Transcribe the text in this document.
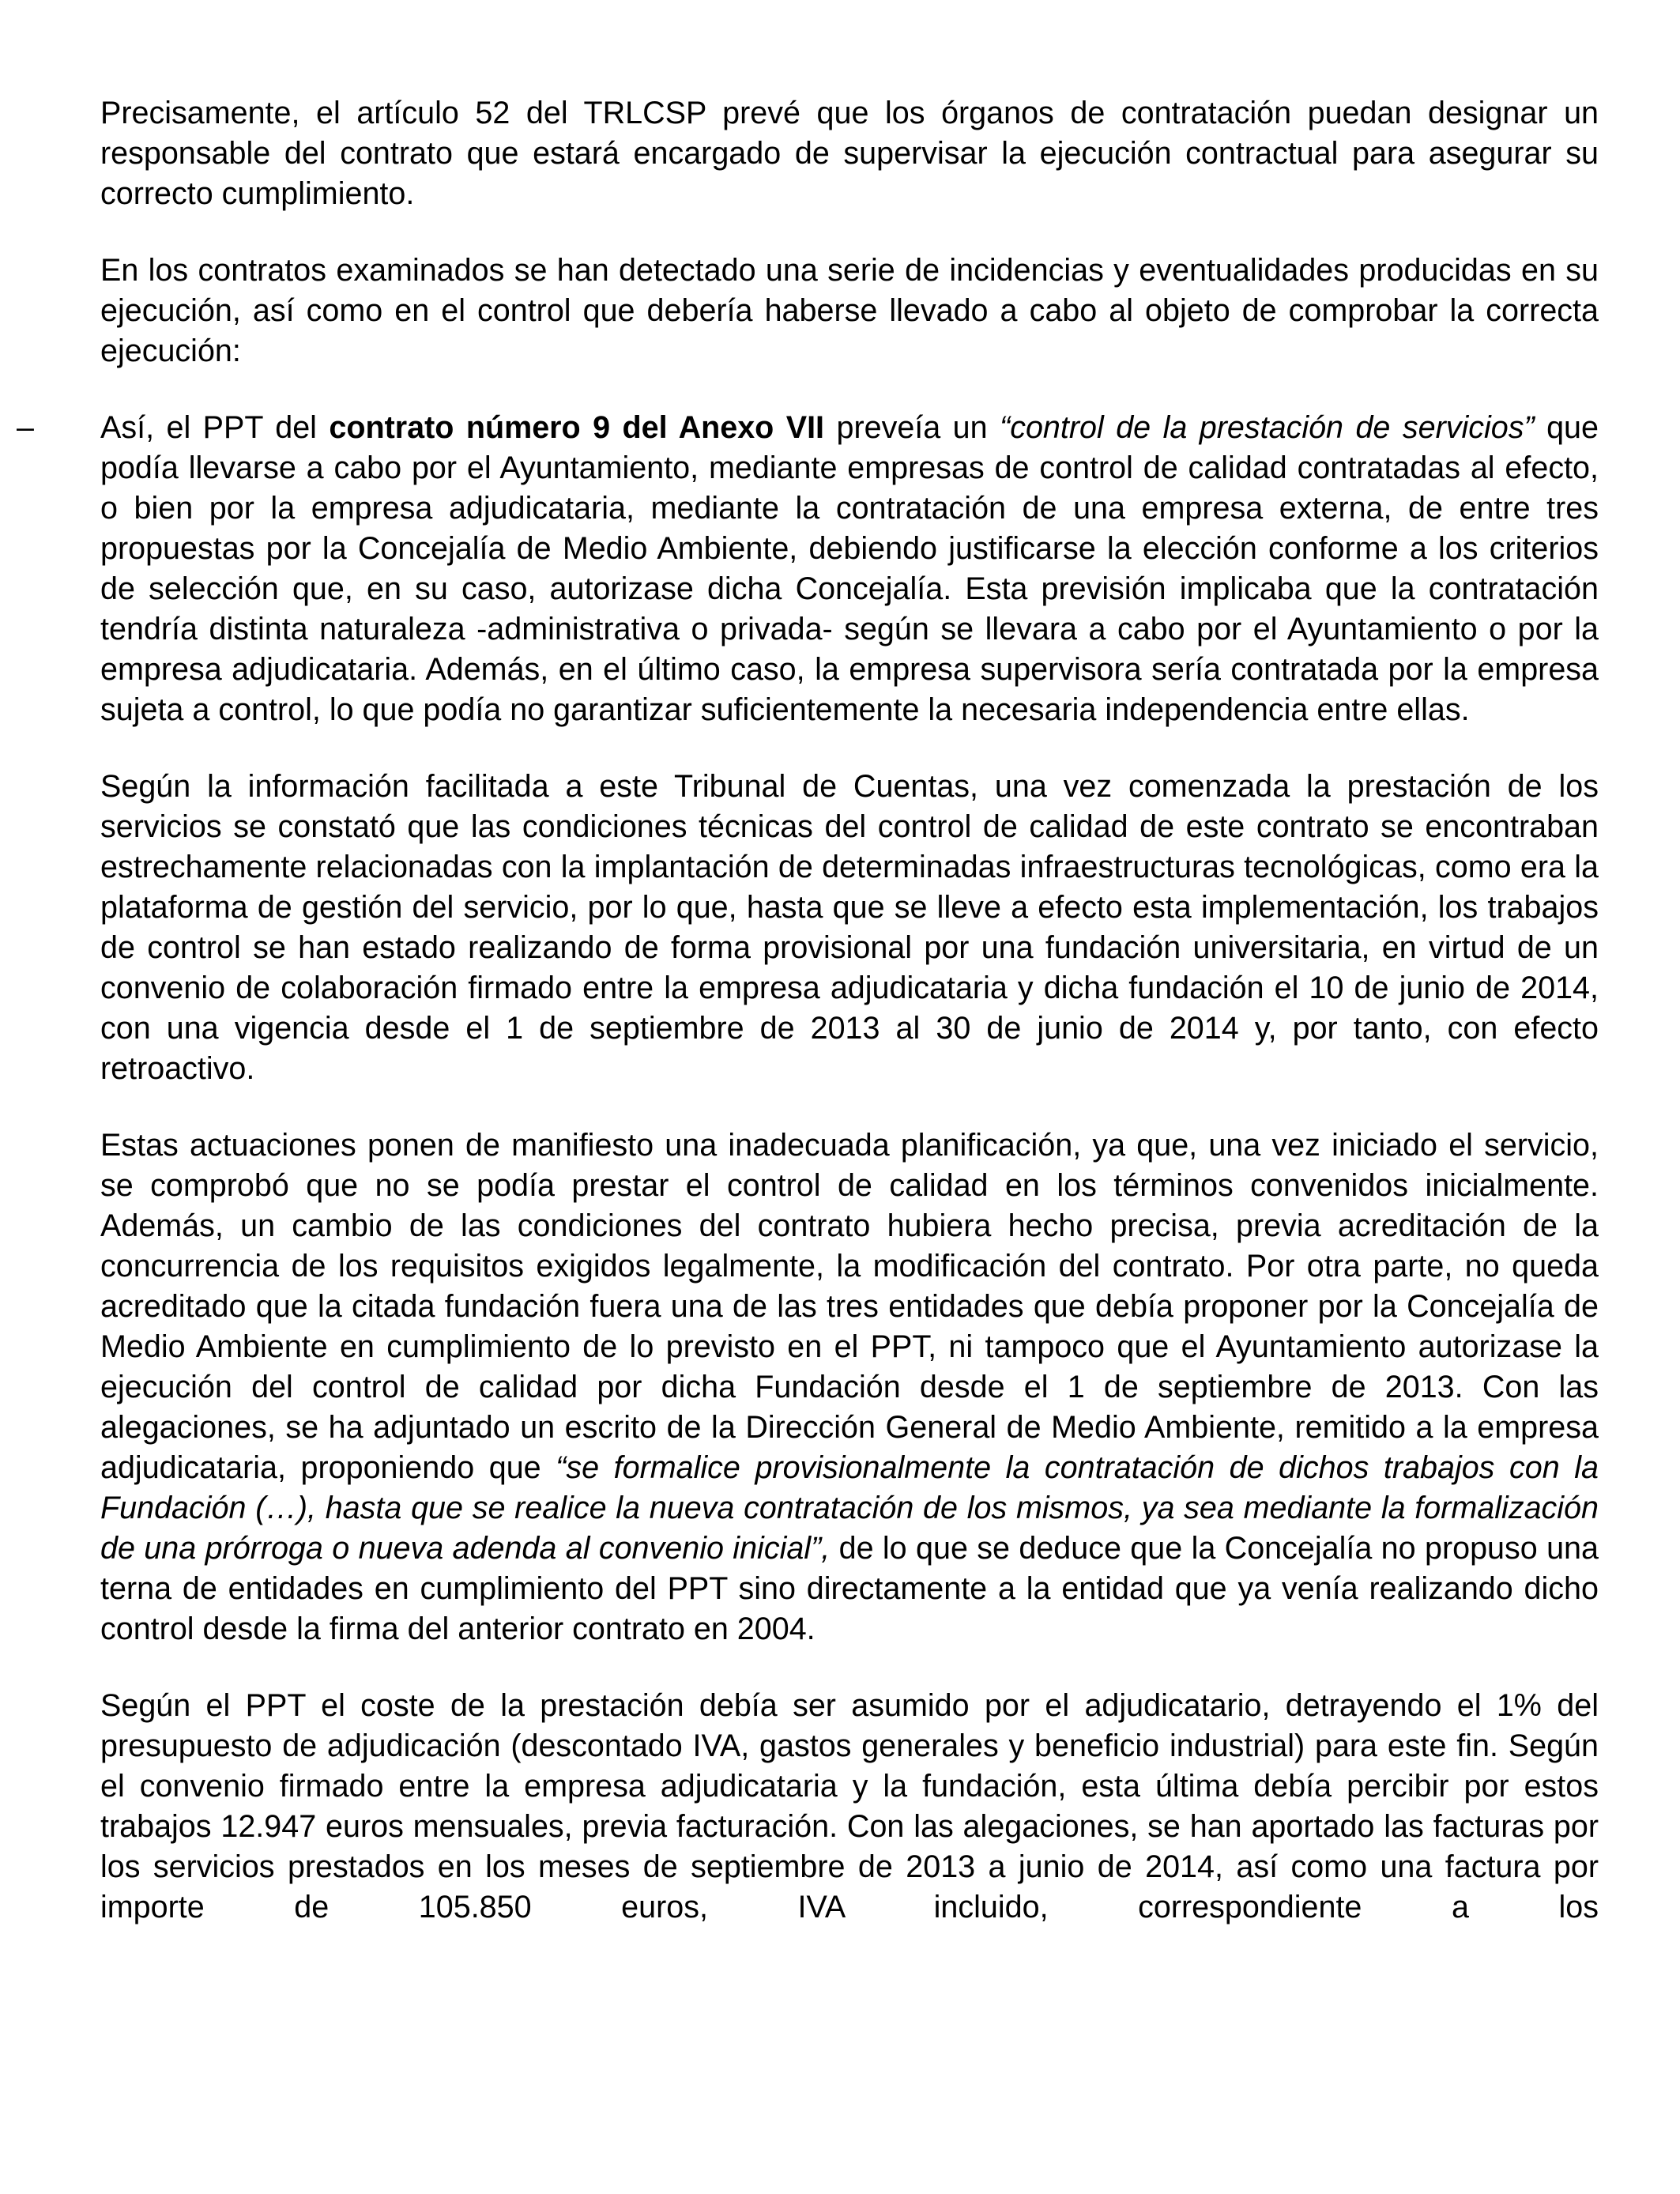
Precisamente, el artículo 52 del TRLCSP prevé que los órganos de contratación puedan designar un responsable del contrato que estará encargado de supervisar la ejecución contractual para asegurar su correcto cumplimiento.

En los contratos examinados se han detectado una serie de incidencias y eventualidades producidas en su ejecución, así como en el control que debería haberse llevado a cabo al objeto de comprobar la correcta ejecución:

–	Así, el PPT del contrato número 9 del Anexo VII preveía un “control de la prestación de servicios” que podía llevarse a cabo por el Ayuntamiento, mediante empresas de control de calidad contratadas al efecto, o bien por la empresa adjudicataria, mediante la contratación de una empresa externa, de entre tres propuestas por la Concejalía de Medio Ambiente, debiendo justificarse la elección conforme a los criterios de selección que, en su caso, autorizase dicha Concejalía. Esta previsión implicaba que la contratación tendría distinta naturaleza -administrativa o privada- según se llevara a cabo por el Ayuntamiento o por la empresa adjudicataria. Además, en el último caso, la empresa supervisora sería contratada por la empresa sujeta a control, lo que podía no garantizar suficientemente la necesaria independencia entre ellas.

Según la información facilitada a este Tribunal de Cuentas, una vez comenzada la prestación de los servicios se constató que las condiciones técnicas del control de calidad de este contrato se encontraban estrechamente relacionadas con la implantación de determinadas infraestructuras tecnológicas, como era la plataforma de gestión del servicio, por lo que, hasta que se lleve a efecto esta implementación, los trabajos de control se han estado realizando de forma provisional por una fundación universitaria, en virtud de un convenio de colaboración firmado entre la empresa adjudicataria y dicha fundación el 10 de junio de 2014, con una vigencia desde el 1 de septiembre de 2013 al 30 de junio de 2014 y, por tanto, con efecto retroactivo.

Estas actuaciones ponen de manifiesto una inadecuada planificación, ya que, una vez iniciado el servicio, se comprobó que no se podía prestar el control de calidad en los términos convenidos inicialmente. Además, un cambio de las condiciones del contrato hubiera hecho precisa, previa acreditación de la concurrencia de los requisitos exigidos legalmente, la modificación del contrato. Por otra parte, no queda acreditado que la citada fundación fuera una de las tres entidades que debía proponer por la Concejalía de Medio Ambiente en cumplimiento de lo previsto en el PPT, ni tampoco que el Ayuntamiento autorizase la ejecución del control de calidad por dicha Fundación desde el 1 de septiembre de 2013. Con las alegaciones, se ha adjuntado un escrito de la Dirección General de Medio Ambiente, remitido a la empresa adjudicataria, proponiendo que “se formalice provisionalmente la contratación de dichos trabajos con la Fundación (…), hasta que se realice la nueva contratación de los mismos, ya sea mediante la formalización de una prórroga o nueva adenda al convenio inicial”, de lo que se deduce que la Concejalía no propuso una terna de entidades en cumplimiento del PPT sino directamente a la entidad que ya venía realizando dicho control desde la firma del anterior contrato en 2004.

Según el PPT el coste de la prestación debía ser asumido por el adjudicatario, detrayendo el 1% del presupuesto de adjudicación (descontado IVA, gastos generales y beneficio industrial) para este fin. Según el convenio firmado entre la empresa adjudicataria y la fundación, esta última debía percibir por estos trabajos 12.947 euros mensuales, previa facturación. Con las alegaciones, se han aportado las facturas por los servicios prestados en los meses de septiembre de 2013 a junio de 2014, así como una factura por importe de 105.850 euros, IVA incluido, correspondiente a los
